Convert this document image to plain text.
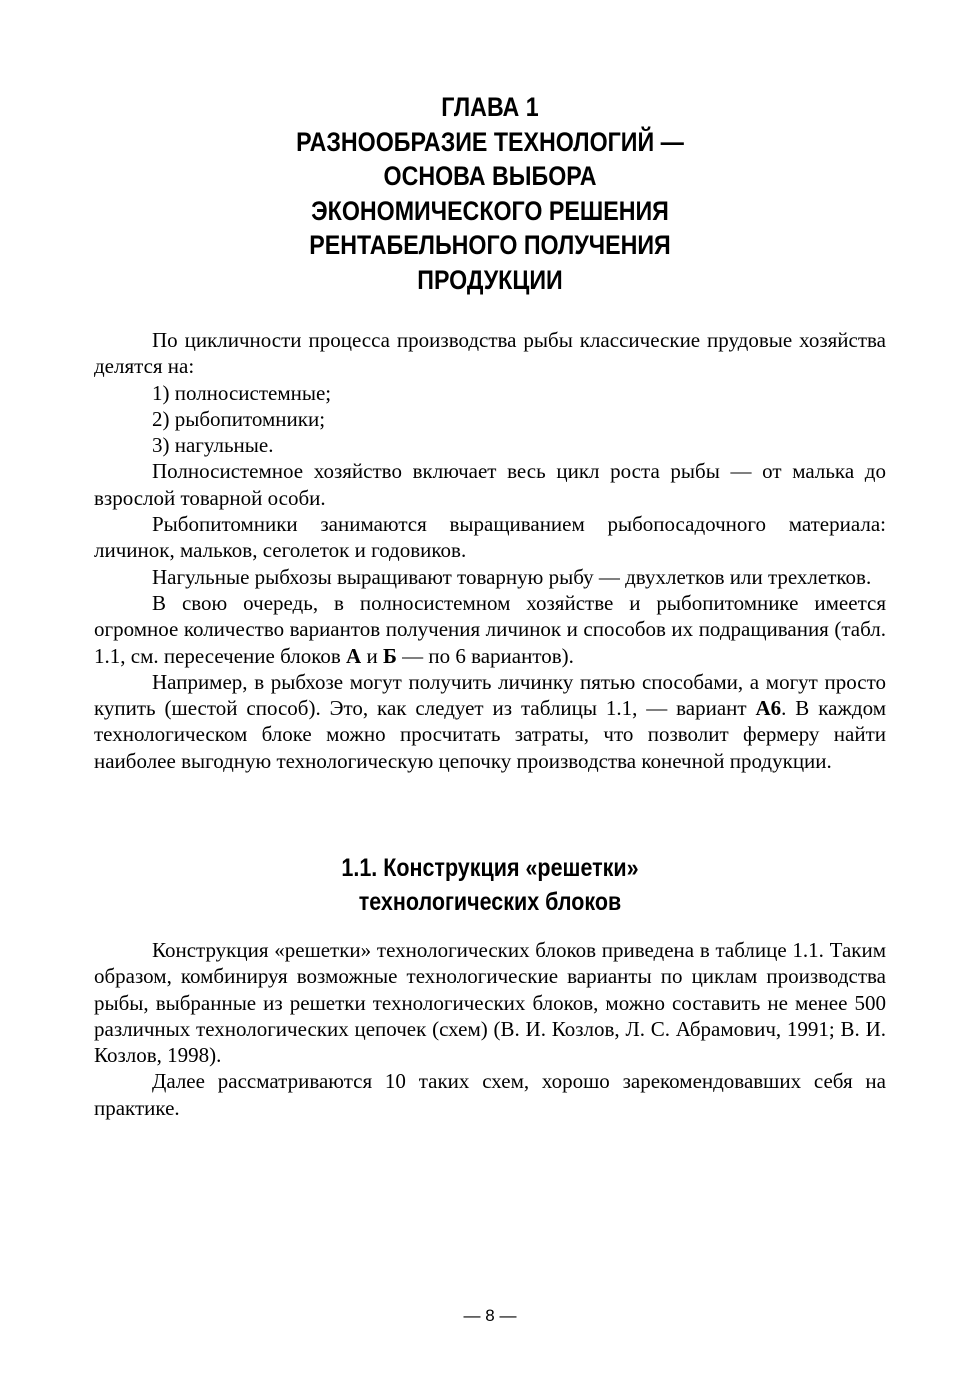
ГЛАВА 1
РАЗНООБРАЗИЕ ТЕХНОЛОГИЙ —
ОСНОВА ВЫБОРА
ЭКОНОМИЧЕСКОГО РЕШЕНИЯ
РЕНТАБЕЛЬНОГО ПОЛУЧЕНИЯ
ПРОДУКЦИИ

По цикличности процесса производства рыбы классические прудовые хозяйства делятся на:

1) полносистемные;

2) рыбопитомники;

3) нагульные.

Полносистемное хозяйство включает весь цикл роста рыбы — от малька до взрослой товарной особи.

Рыбопитомники занимаются выращиванием рыбопосадочного материала: личинок, мальков, сеголеток и годовиков.

Нагульные рыбхозы выращивают товарную рыбу — двухлетков или трехлетков.

В свою очередь, в полносистемном хозяйстве и рыбопитомнике имеется огромное количество вариантов получения личинок и способов их подращивания (табл. 1.1, см. пересечение блоков А и Б — по 6 вариантов).

Например, в рыбхозе могут получить личинку пятью способами, а могут просто купить (шестой способ). Это, как следует из таблицы 1.1, — вариант А6. В каждом технологическом блоке можно просчитать затраты, что позволит фермеру найти наиболее выгодную технологическую цепочку производства конечной продукции.

1.1. Конструкция «решетки»
технологических блоков

Конструкция «решетки» технологических блоков приведена в таблице 1.1. Таким образом, комбинируя возможные технологические варианты по циклам производства рыбы, выбранные из решетки технологических блоков, можно составить не менее 500 различных технологических цепочек (схем) (В. И. Козлов, Л. С. Абрамович, 1991; В. И. Козлов, 1998).

Далее рассматриваются 10 таких схем, хорошо зарекомендовавших себя на практике.

— 8 —
